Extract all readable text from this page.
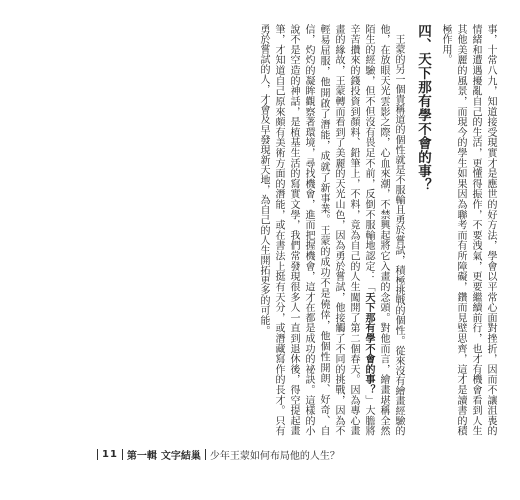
事，十常八九，知道接受現實才是應世的好方法，學會以平常心面對挫折，因而不讓沮喪的情緒和遭遇擾亂自己的生活，更懂得振作，不要洩氣，更要繼續前行，也才有機會看到人生其他美麗的風景，而現今的學生如果因為聯考而有所障礙，鑽而見壁思齊，這才是讀書的積極作用。

四、天下那有學不會的事？

王蒙的另一個貴稱道的個性就是不服輸且勇於嘗試，積極挑戰的個性。從來沒有繪畫經驗的他，在放眼天光雲影之際，心血來潮，不禁興起將它入畫的念頭。對他而言，繪畫堪稱全然陌生的經驗，但不但沒有畏足不前，反倒不服輸地認定：「天下那有學不會的事？」大膽將辛苦攢來的錢投資到顏料、鉛筆上，不料，竟為自己的人生闖開了第二個春天。因為專心畫畫的緣故，王蒙轉而看到了美麗的天光山色，因為勇於嘗試，他接觸了不同的挑戰，因為不輕易屈服，他開啟了潛能，成就了新事業。王蒙的成功不是僥倖，他個性開朗、好奇、自信，灼灼的凝眸觀察著環境，尋找機會，進而把握機會，這才在都是成功的祕訣。這樣的小說不是空造的神話，是植基生活的寫實文學，我們常發現很多人一直到退休後，得空提起畫筆，才知道自己原來頗有美術方面的潛能，或在書法上挺有天分，或潛藏寫作的長才。只有勇於嘗試的人，才會及早發現新天地，為自己的人生開拓更多的可能。

11 第一輯 文字結巢 少年王蒙如何布局他的人生？
